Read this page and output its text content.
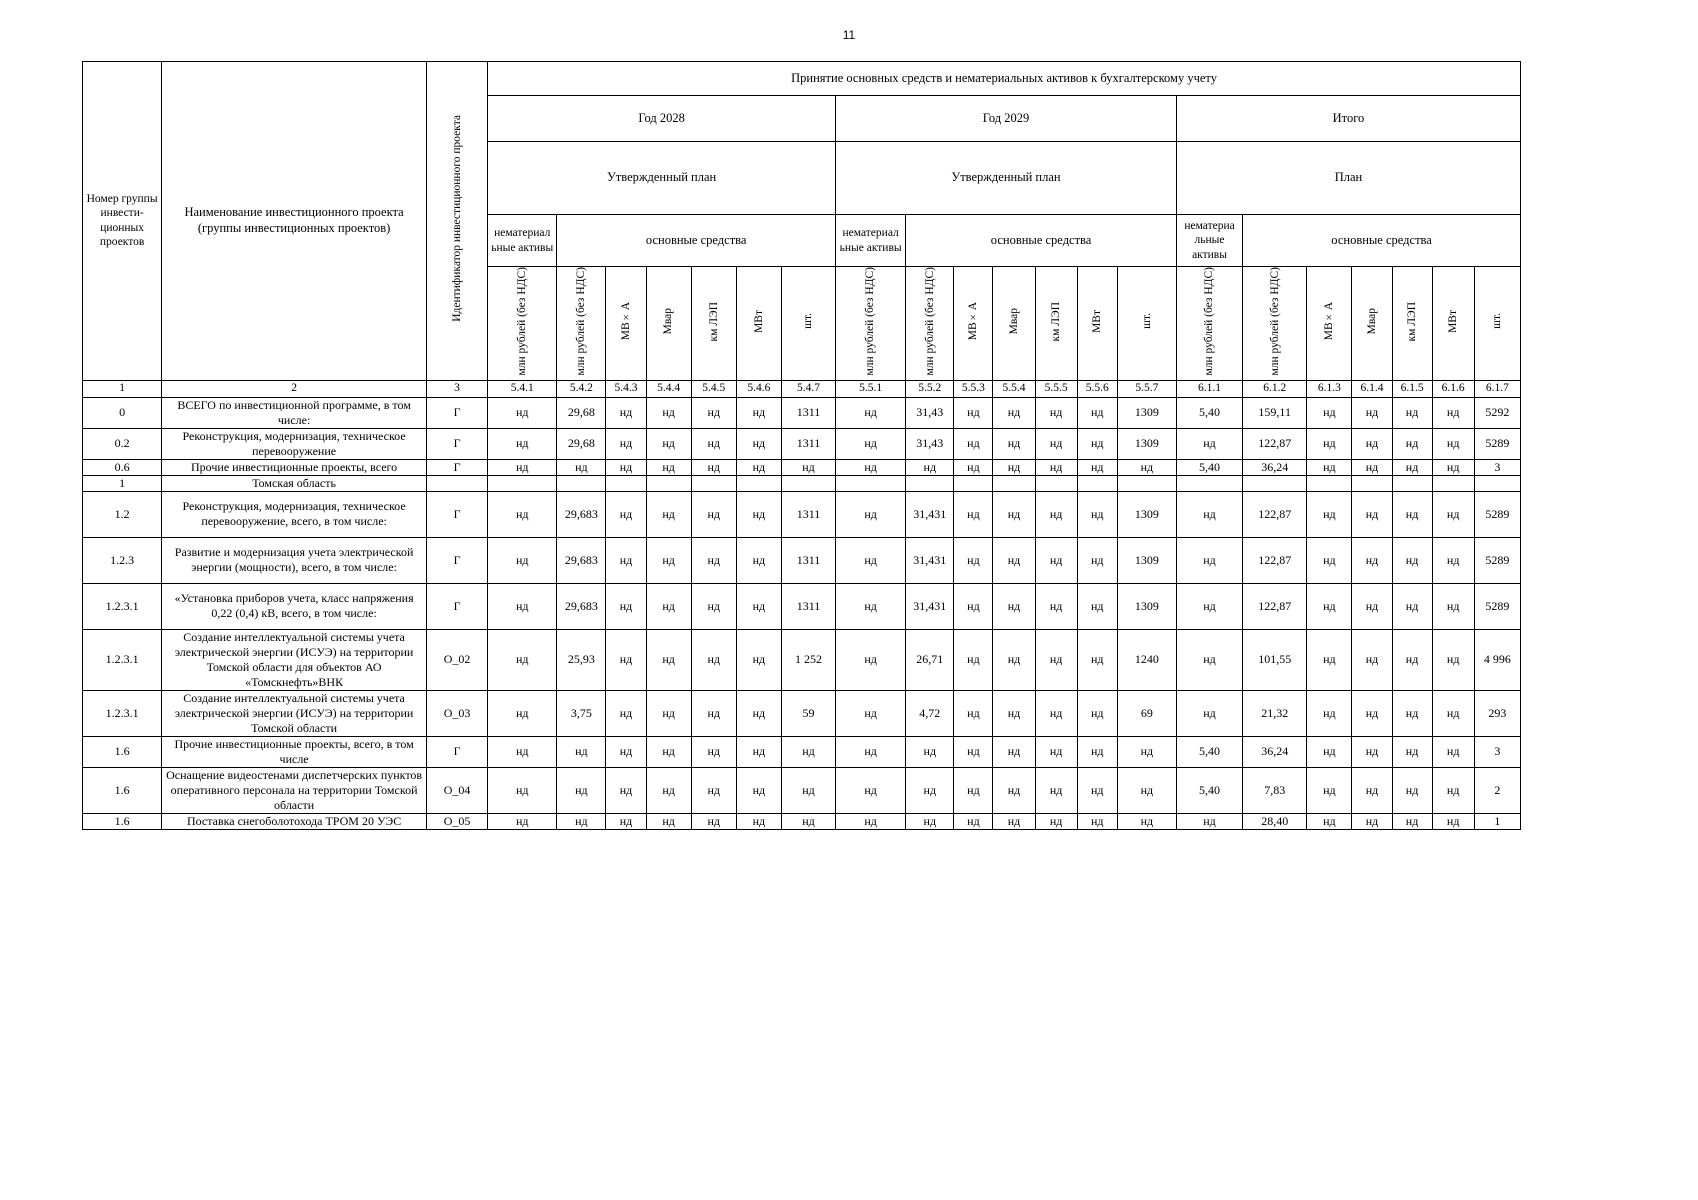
11
Номер группы инвести-ционных проектов	Наименование инвестиционного проекта (группы инвестиционных проектов)	Идентификатор инвестиционного проекта	Принятие основных средств и нематериальных активов к бухгалтерскому учету																				
			Год 2028							Год 2029							Итого						
			Утвержденный план							Утвержденный план							План						
			нематериал ьные активы	основные средства						нематериал ьные активы	основные средства						нематериа льные активы	основные средства					
			млн рублей (без НДС)	млн рублей (без НДС)	МВ×А	Мвар	км ЛЭП	МВт	шт.	млн рублей (без НДС)	млн рублей (без НДС)	МВ×А	Мвар	км ЛЭП	МВт	шт.	млн рублей (без НДС)	млн рублей (без НДС)	МВ×А	Мвар	км ЛЭП	МВт	шт.
1	2	3	5.4.1	5.4.2	5.4.3	5.4.4	5.4.5	5.4.6	5.4.7	5.5.1	5.5.2	5.5.3	5.5.4	5.5.5	5.5.6	5.5.7	6.1.1	6.1.2	6.1.3	6.1.4	6.1.5	6.1.6	6.1.7
0	ВСЕГО по инвестиционной программе, в том числе:	Г	нд	29,68	нд	нд	нд	нд	1311	нд	31,43	нд	нд	нд	нд	1309	5,40	159,11	нд	нд	нд	нд	5292
0.2	Реконструкция, модернизация, техническое перевооружение	Г	нд	29,68	нд	нд	нд	нд	1311	нд	31,43	нд	нд	нд	нд	1309	нд	122,87	нд	нд	нд	нд	5289
0.6	Прочие инвестиционные проекты, всего	Г	нд	нд	нд	нд	нд	нд	нд	нд	нд	нд	нд	нд	нд	нд	5,40	36,24	нд	нд	нд	нд	3
1	Томская область																						
1.2	Реконструкция, модернизация, техническое перевооружение, всего, в том числе:	Г	нд	29,683	нд	нд	нд	нд	1311	нд	31,431	нд	нд	нд	нд	1309	нд	122,87	нд	нд	нд	нд	5289
1.2.3	Развитие и модернизация учета электрической энергии (мощности), всего, в том числе:	Г	нд	29,683	нд	нд	нд	нд	1311	нд	31,431	нд	нд	нд	нд	1309	нд	122,87	нд	нд	нд	нд	5289
1.2.3.1	«Установка приборов учета, класс напряжения 0,22 (0,4) кВ, всего, в том числе:	Г	нд	29,683	нд	нд	нд	нд	1311	нд	31,431	нд	нд	нд	нд	1309	нд	122,87	нд	нд	нд	нд	5289
1.2.3.1	Создание интеллектуальной системы учета электрической энергии (ИСУЭ) на территории Томской области для объектов АО «Томскнефть»ВНК	О_02	нд	25,93	нд	нд	нд	нд	1 252	нд	26,71	нд	нд	нд	нд	1240	нд	101,55	нд	нд	нд	нд	4 996
1.2.3.1	Создание интеллектуальной системы учета электрической энергии (ИСУЭ) на территории Томской области	О_03	нд	3,75	нд	нд	нд	нд	59	нд	4,72	нд	нд	нд	нд	69	нд	21,32	нд	нд	нд	нд	293
1.6	Прочие инвестиционные проекты, всего, в том числе	Г	нд	нд	нд	нд	нд	нд	нд	нд	нд	нд	нд	нд	нд	нд	5,40	36,24	нд	нд	нд	нд	3
1.6	Оснащение видеостенами диспетчерских пунктов оперативного персонала на территории Томской области	О_04	нд	нд	нд	нд	нд	нд	нд	нд	нд	нд	нд	нд	нд	нд	5,40	7,83	нд	нд	нд	нд	2
1.6	Поставка снегоболотохода ТРОМ 20 УЭС	О_05	нд	нд	нд	нд	нд	нд	нд	нд	нд	нд	нд	нд	нд	нд	нд	28,40	нд	нд	нд	нд	1
